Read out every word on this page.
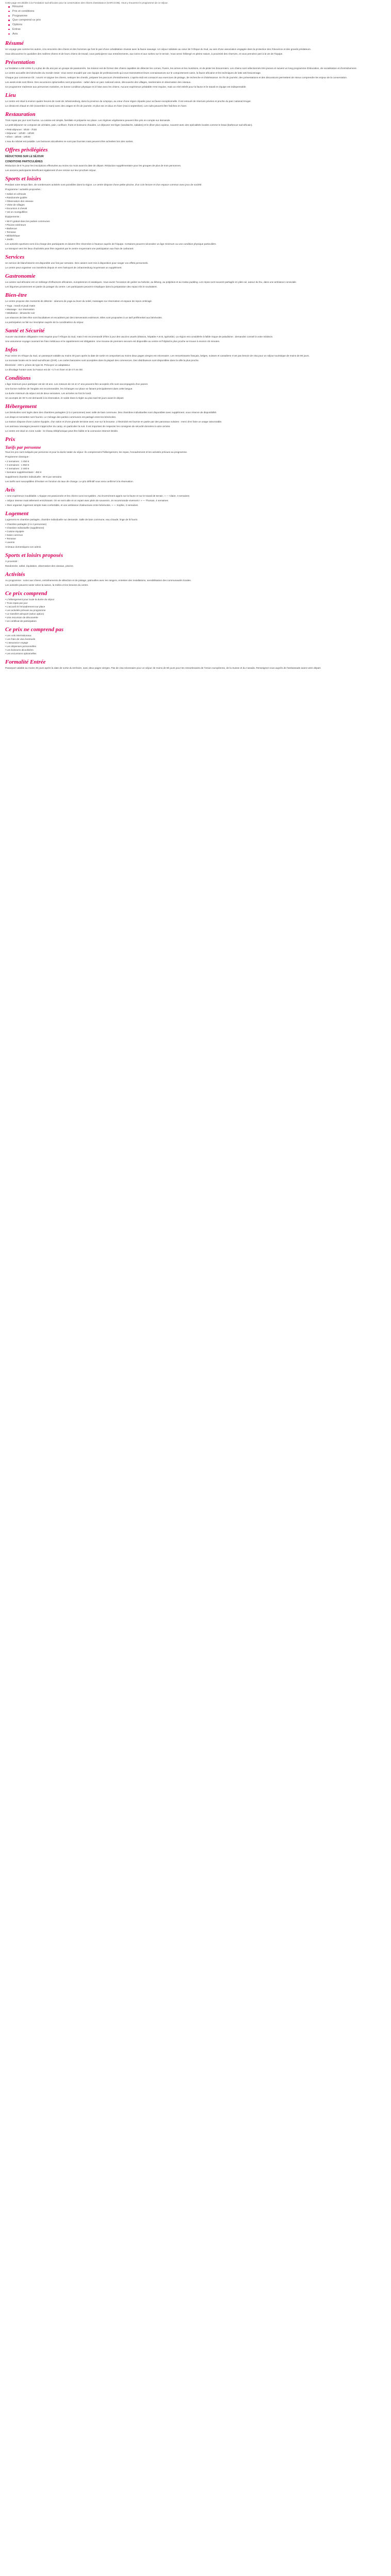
Cette page est dédiée à la Fondation sud-africaine pour la conservation des chiens d'assistance (SARCCOB). Vous y trouverez le programme de ce séjour.
Résumé
Prix et conditions
Programme
Que comprend ce prix
Options
Extras
Avis
Résumé

Un voyage pas comme les autres, à la rencontre des chiens et des hommes qui font le pari d'une cohabitation réussie avec la faune sauvage. Un séjour solidaire au cœur de l'Afrique du Sud, au sein d'une association engagée dans la protection des rhinocéros et des grands prédateurs.

Vous découvrirez le quotidien des maîtres-chiens et de leurs chiens de travail, vous participerez aux entraînements, aux soins et aux sorties sur le terrain. Vous serez hébergé en pleine nature, à proximité des réserves, et vous prendrez part à la vie de l'équipe.

Présentation

La fondation a été créée il y a plus de dix ans par un groupe de passionnés. Sa mission est de former des chiens capables de détecter les cornes, l'ivoire, les armes et les munitions, et de pister les braconniers. Les chiens sont sélectionnés très jeunes et suivent un long programme d'éducation, de socialisation et d'entraînement.

Le centre accueille des bénévoles du monde entier. Vous serez encadré par une équipe de professionnels qui vous transmettront leurs connaissances sur le comportement canin, la faune africaine et les techniques de lutte anti-braconnage.

Chaque jour commence tôt : nourrir et soigner les chiens, nettoyer les chenils, préparer les parcours d'entraînement. L'après-midi est consacré aux exercices de pistage, de recherche et d'obéissance. En fin de journée, des présentations et des discussions permettent de mieux comprendre les enjeux de la conservation.

Les week-ends sont libres. Des excursions optionnelles sont proposées : safari dans un parc national voisin, découverte des villages, randonnées et observation des oiseaux.

Ce programme s'adresse aux personnes motivées, en bonne condition physique et à l'aise avec les chiens. Aucune expérience préalable n'est requise, mais un réel intérêt pour la faune et le travail en équipe est indispensable.

Lieu

Le centre est situé à environ quatre heures de route de Johannesburg, dans la province du Limpopo, au cœur d'une région réputée pour sa faune exceptionnelle. Il est entouré de réserves privées et proche du parc national Kruger.

Le climat est chaud en été (novembre à mars) avec des orages en fin de journée, et plus sec et doux en hiver (mai à septembre). Les nuits peuvent être fraîches en hiver.

Restauration

Trois repas par jour sont fournis. La cuisine est simple, familiale et préparée sur place. Les régimes végétariens peuvent être pris en compte sur demande.

Le petit-déjeuner se compose de céréales, pain, confiture, fruits et boissons chaudes. Le déjeuner est léger (sandwichs, salades) et le dîner plus copieux, souvent avec des spécialités locales comme le braai (barbecue sud-africain).

• Petit-déjeuner : 6h30 - 7h30
• Déjeuner : 12h30 - 13h30
• Dîner : 18h30 - 19h30

L'eau du robinet est potable. Les boissons alcoolisées ne sont pas fournies mais peuvent être achetées lors des sorties.

Offres privilégiées
RÉDUCTIONS SUR LE SÉJOUR
CONDITIONS PARTICULIÈRES

Réduction de 5 % pour les inscriptions effectuées au moins six mois avant la date de départ. Réduction supplémentaire pour les groupes de plus de trois personnes.

Les anciens participants bénéficient également d'une remise sur leur prochain séjour.

Sports et loisirs

Pendant votre temps libre, de nombreuses activités sont possibles dans la région. Le centre dispose d'une petite piscine, d'un coin lecture et d'un espace commun avec jeux de société.

Programme / activités proposées :

• Safari en véhicule
• Randonnée guidée
• Observation des oiseaux
• Visite de villages
• Excursion à cheval
• Vol en montgolfière

Équipements :

• Wi-Fi gratuit dans les parties communes
• Piscine extérieure
• Barbecue
• Terrasse
• Bibliothèque
• Jardin

Les activités sportives sont à la charge des participants et doivent être réservées à l'avance auprès de l'équipe. Certaines peuvent nécessiter un âge minimum ou une condition physique particulière.

Le transport vers les lieux d'activités peut être organisé par le centre moyennant une participation aux frais de carburant.

Services

Un service de blanchisserie est disponible une fois par semaine. Des casiers sont mis à disposition pour ranger vos effets personnels.

Le centre peut organiser vos transferts depuis et vers l'aéroport de Johannesburg moyennant un supplément.

Gastronomie

La cuisine sud-africaine est un mélange d'influences africaines, européennes et asiatiques. Vous aurez l'occasion de goûter au bobotie, au biltong, au potjiekos et au malva pudding. Les repas sont souvent partagés en plein air, autour du feu, dans une ambiance conviviale.

Les légumes proviennent en partie du potager du centre. Les participants peuvent s'impliquer dans la préparation des repas s'ils le souhaitent.

Bien-être

Le centre propose des moments de détente : séances de yoga au lever du soleil, massages sur réservation et espace de repos ombragé.

• Yoga : mardi et jeudi matin
• Massage : sur réservation
• Méditation : dimanche soir

Les séances de bien-être sont facultatives et encadrées par des intervenants extérieurs. Elles sont proposées à un tarif préférentiel aux bénévoles.

La participation se fait sur inscription auprès de la coordinatrice du séjour.

Santé et Sécurité

Aucune vaccination obligatoire n'est requise pour l'Afrique du Sud, mais il est recommandé d'être à jour des vaccins usuels (tétanos, hépatite A et B, typhoïde). La région est considérée à faible risque de paludisme ; demandez conseil à votre médecin.

Une assurance voyage couvrant les frais médicaux et le rapatriement est obligatoire. Une trousse de premiers secours est disponible au centre et l'hôpital le plus proche se trouve à environ 45 minutes.

Infos

Pour entrer en Afrique du Sud, un passeport valable au moins 30 jours après la date de sortie et comportant au moins deux pages vierges est nécessaire. Les ressortissants français, belges, suisses et canadiens n'ont pas besoin de visa pour un séjour touristique de moins de 90 jours.

La monnaie locale est le rand sud-africain (ZAR). Les cartes bancaires sont acceptées dans la plupart des commerces. Des distributeurs sont disponibles dans la ville la plus proche.

Électricité : 230 V, prises de type M. Prévoyez un adaptateur.

Le décalage horaire avec la France est de +1 h en hiver et de 0 h en été.

Conditions

L'âge minimum pour participer est de 18 ans. Les mineurs de 16 et 17 ans peuvent être acceptés s'ils sont accompagnés d'un parent.

Une bonne maîtrise de l'anglais est recommandée, les échanges sur place se faisant principalement dans cette langue.

La durée minimum du séjour est de deux semaines. Les arrivées se font le lundi.

Un acompte de 30 % est demandé à la réservation, le solde étant à régler au plus tard 60 jours avant le départ.

Hébergement

Les bénévoles sont logés dans des chambres partagées (2 à 4 personnes) avec salle de bain commune. Des chambres individuelles sont disponibles avec supplément, sous réserve de disponibilité.

Les draps et serviettes sont fournis. Le ménage des parties communes est partagé entre les bénévoles.

La maison dispose d'une cuisine équipée, d'un salon et d'une grande terrasse avec vue sur la brousse. L'électricité est fournie en partie par des panneaux solaires : merci d'en faire un usage raisonnable.

Les animaux sauvages peuvent s'approcher du camp, en particulier la nuit. Il est important de respecter les consignes de sécurité données à votre arrivée.

Le centre est situé en zone rurale : le réseau téléphonique peut être faible et la connexion Internet limitée.

Prix
Tarifs par personne

Tous les prix sont indiqués par personne et pour la durée totale du séjour. Ils comprennent l'hébergement, les repas, l'encadrement et les activités prévues au programme.

Programme classique :

• 2 semaines : 1 450 €
• 3 semaines : 1 950 €
• 4 semaines : 2 400 €
• Semaine supplémentaire : 450 €

Supplément chambre individuelle : 90 € par semaine.

Les tarifs sont susceptibles d'évoluer en fonction du taux de change. Le prix définitif vous sera confirmé à la réservation.

Avis

« Une expérience inoubliable. L'équipe est passionnée et les chiens sont incroyables. J'ai énormément appris sur la faune et sur le travail de terrain. » — Claire, 3 semaines

« Séjour intense mais tellement enrichissant. On se sent utile et on repart avec plein de souvenirs. Je recommande vivement ! » — Thomas, 4 semaines

« Bien organisé, logement simple mais confortable, et une ambiance chaleureuse entre bénévoles. » — Sophie, 2 semaines

Logement

Logement en chambre partagée, chambre individuelle sur demande. Salle de bain commune, eau chaude, linge de lit fourni.

• Chambre partagée (2 à 4 personnes)
• Chambre individuelle (supplément)
• Cuisine équipée
• Salon commun
• Terrasse
• Laverie

Animaux domestiques non admis.

Sports et loisirs proposés

À proximité :

Randonnée, safari, équitation, observation des oiseaux, piscine.

Activités

Au programme : soins aux chiens, entraînements de détection et de pistage, patrouilles avec les rangers, entretien des installations, sensibilisation des communautés locales.

Les activités peuvent varier selon la saison, la météo et les besoins du centre.

Ce prix comprend
• L'hébergement pour toute la durée du séjour
• Trois repas par jour
• L'accueil et l'encadrement sur place
• Les activités prévues au programme
• Le transfert aéroport (selon option)
• Une excursion de découverte
• Un certificat de participation
Ce prix ne comprend pas
• Les vols internationaux
• Les frais de visa éventuels
• L'assurance voyage
• Les dépenses personnelles
• Les boissons alcoolisées
• Les excursions optionnelles
Formalité Entrée

Passeport valable au moins 30 jours après la date de sortie du territoire, avec deux pages vierges. Pas de visa nécessaire pour un séjour de moins de 90 jours pour les ressortissants de l'Union européenne, de la Suisse et du Canada. Renseignez-vous auprès de l'ambassade avant votre départ.
